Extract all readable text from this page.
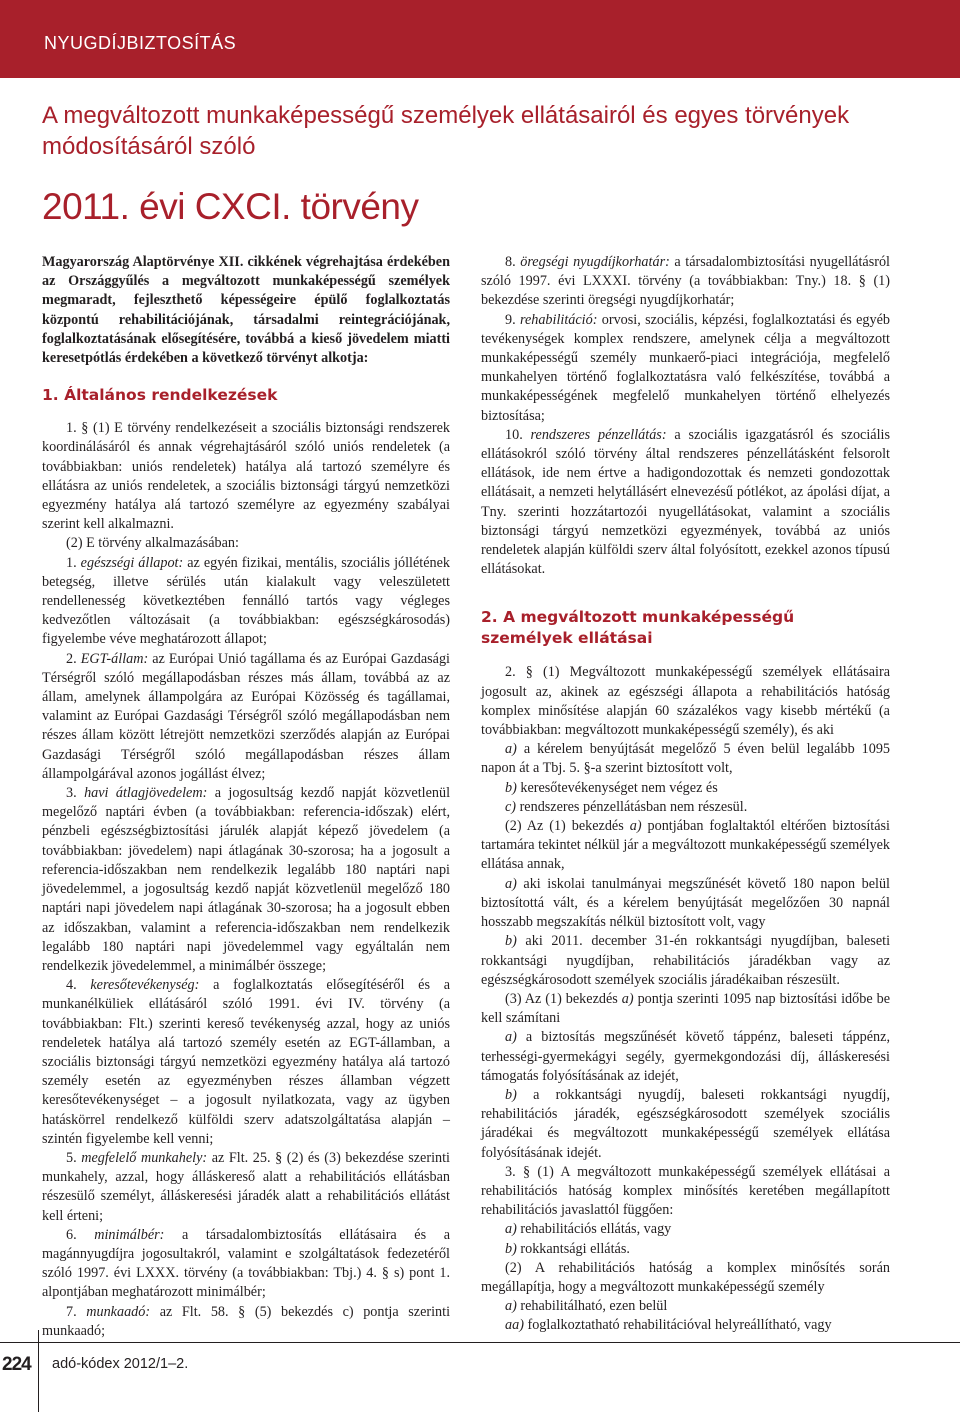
NYUGDÍJBIZTOSÍTÁS
A megváltozott munkaképességű személyek ellátásairól és egyes törvények módosításáról szóló
2011. évi CXCI. törvény

Magyarország Alaptörvénye XII. cikkének végrehajtása érdekében az Országgyűlés a megváltozott munkaképességű személyek megmaradt, fejleszthető képességeire épülő foglalkoztatás központú rehabilitációjának, társadalmi reintegrációjának, foglalkoztatásának elősegítésére, továbbá a kieső jövedelem miatti keresetpótlás érdekében a következő törvényt alkotja:

1. Általános rendelkezések

1. § (1) E törvény rendelkezéseit a szociális biztonsági rendszerek koordinálásáról és annak végrehajtásáról szóló uniós rendeletek (a továbbiakban: uniós rendeletek) hatálya alá tartozó személyre és ellátásra az uniós rendeletek, a szociális biztonsági tárgyú nemzetközi egyezmény hatálya alá tartozó személyre az egyezmény szabályai szerint kell alkalmazni.

(2) E törvény alkalmazásában:

1. egészségi állapot: az egyén fizikai, mentális, szociális jóllétének betegség, illetve sérülés után kialakult vagy veleszületett rendellenesség következtében fennálló tartós vagy végleges kedvezőtlen változásait (a továbbiakban: egészségkárosodás) figyelembe véve meghatározott állapot;

2. EGT-állam: az Európai Unió tagállama és az Európai Gazdasági Térségről szóló megállapodásban részes más állam, továbbá az az állam, amelynek állampolgára az Európai Közösség és tagállamai, valamint az Európai Gazdasági Térségről szóló megállapodásban nem részes állam között létrejött nemzetközi szerződés alapján az Európai Gazdasági Térségről szóló megállapodásban részes állam állampolgárával azonos jogállást élvez;

3. havi átlagjövedelem: a jogosultság kezdő napját közvetlenül megelőző naptári évben (a továbbiakban: referencia-időszak) elért, pénzbeli egészségbiztosítási járulék alapját képező jövedelem (a továbbiakban: jövedelem) napi átlagának 30-szorosa; ha a jogosult a referencia-időszakban nem rendelkezik legalább 180 naptári napi jövedelemmel, a jogosultság kezdő napját közvetlenül megelőző 180 naptári napi jövedelem napi átlagának 30-szorosa; ha a jogosult ebben az időszakban, valamint a referencia-időszakban nem rendelkezik legalább 180 naptári napi jövedelemmel vagy egyáltalán nem rendelkezik jövedelemmel, a minimálbér összege;

4. keresőtevékenység: a foglalkoztatás elősegítéséről és a munkanélküliek ellátásáról szóló 1991. évi IV. törvény (a továbbiakban: Flt.) szerinti kereső tevékenység azzal, hogy az uniós rendeletek hatálya alá tartozó személy esetén az EGT-államban, a szociális biztonsági tárgyú nemzetközi egyezmény hatálya alá tartozó személy esetén az egyezményben részes államban végzett keresőtevékenységet – a jogosult nyilatkozata, vagy az ügyben hatáskörrel rendelkező külföldi szerv adatszolgáltatása alapján – szintén figyelembe kell venni;

5. megfelelő munkahely: az Flt. 25. § (2) és (3) bekezdése szerinti munkahely, azzal, hogy álláskereső alatt a rehabilitációs ellátásban részesülő személyt, álláskeresési járadék alatt a rehabilitációs ellátást kell érteni;

6. minimálbér: a társadalombiztosítás ellátásaira és a magánnyugdíjra jogosultakról, valamint e szolgáltatások fedezetéről szóló 1997. évi LXXX. törvény (a továbbiakban: Tbj.) 4. § s) pont 1. alpontjában meghatározott minimálbér;

7. munkaadó: az Flt. 58. § (5) bekezdés c) pontja szerinti munkaadó;

8. öregségi nyugdíjkorhatár: a társadalombiztosítási nyugellátásról szóló 1997. évi LXXXI. törvény (a továbbiakban: Tny.) 18. § (1) bekezdése szerinti öregségi nyugdíjkorhatár;

9. rehabilitáció: orvosi, szociális, képzési, foglalkoztatási és egyéb tevékenységek komplex rendszere, amelynek célja a megváltozott munkaképességű személy munkaerő-piaci integrációja, megfelelő munkahelyen történő foglalkoztatásra való felkészítése, továbbá a munkaképességének megfelelő munkahelyen történő elhelyezés biztosítása;

10. rendszeres pénzellátás: a szociális igazgatásról és szociális ellátásokról szóló törvény által rendszeres pénzellátásként felsorolt ellátások, ide nem értve a hadigondozottak és nemzeti gondozottak ellátásait, a nemzeti helytállásért elnevezésű pótlékot, az ápolási díjat, a Tny. szerinti hozzátartozói nyugellátásokat, valamint a szociális biztonsági tárgyú nemzetközi egyezmények, továbbá az uniós rendeletek alapján külföldi szerv által folyósított, ezekkel azonos típusú ellátásokat.

2. A megváltozott munkaképességű személyek ellátásai

2. § (1) Megváltozott munkaképességű személyek ellátásaira jogosult az, akinek az egészségi állapota a rehabilitációs hatóság komplex minősítése alapján 60 százalékos vagy kisebb mértékű (a továbbiakban: megváltozott munkaképességű személy), és aki

a) a kérelem benyújtását megelőző 5 éven belül legalább 1095 napon át a Tbj. 5. §-a szerint biztosított volt,

b) keresőtevékenységet nem végez és

c) rendszeres pénzellátásban nem részesül.

(2) Az (1) bekezdés a) pontjában foglaltaktól eltérően biztosítási tartamára tekintet nélkül jár a megváltozott munkaképességű személyek ellátása annak,

a) aki iskolai tanulmányai megszűnését követő 180 napon belül biztosítottá vált, és a kérelem benyújtását megelőzően 30 napnál hosszabb megszakítás nélkül biztosított volt, vagy

b) aki 2011. december 31-én rokkantsági nyugdíjban, baleseti rokkantsági nyugdíjban, rehabilitációs járadékban vagy az egészségkárosodott személyek szociális járadékaiban részesült.

(3) Az (1) bekezdés a) pontja szerinti 1095 nap biztosítási időbe be kell számítani

a) a biztosítás megszűnését követő táppénz, baleseti táppénz, terhességi-gyermekágyi segély, gyermekgondozási díj, álláskeresési támogatás folyósításának az idejét,

b) a rokkantsági nyugdíj, baleseti rokkantsági nyugdíj, rehabilitációs járadék, egészségkárosodott személyek szociális járadékai és megváltozott munkaképességű személyek ellátása folyósításának idejét.

3. § (1) A megváltozott munkaképességű személyek ellátásai a rehabilitációs hatóság komplex minősítés keretében megállapított rehabilitációs javaslattól függően:

a) rehabilitációs ellátás, vagy

b) rokkantsági ellátás.

(2) A rehabilitációs hatóság a komplex minősítés során megállapítja, hogy a megváltozott munkaképességű személy

a) rehabilitálható, ezen belül

aa) foglalkoztatható rehabilitációval helyreállítható, vagy

224 adó-kódex 2012/1–2.
